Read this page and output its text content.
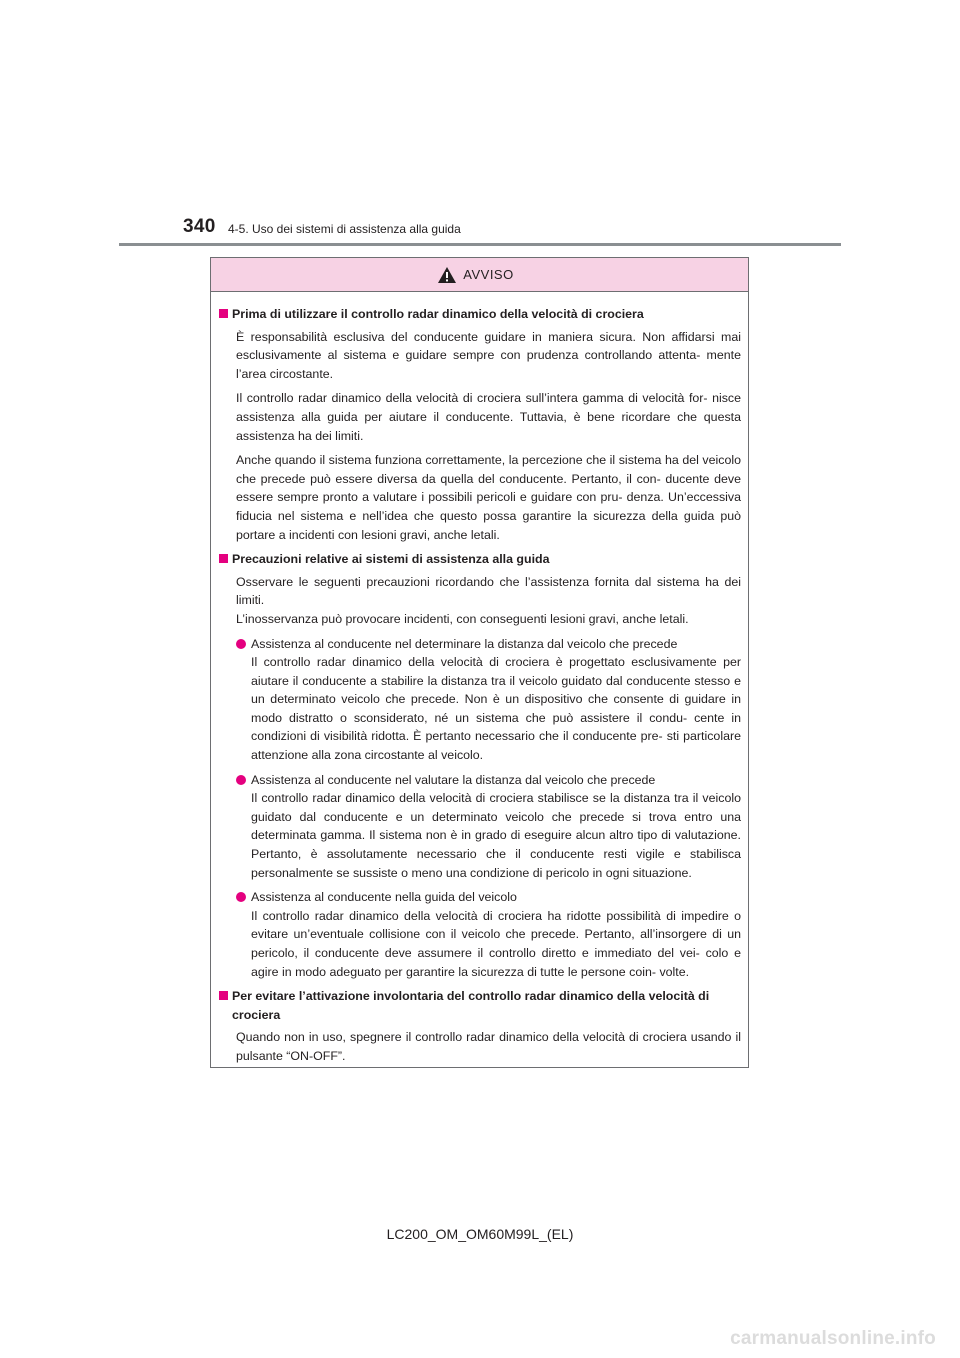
340 4-5. Uso dei sistemi di assistenza alla guida
AVVISO
Prima di utilizzare il controllo radar dinamico della velocità di crociera

È responsabilità esclusiva del conducente guidare in maniera sicura. Non affidarsi mai esclusivamente al sistema e guidare sempre con prudenza controllando attenta- mente l’area circostante.

Il controllo radar dinamico della velocità di crociera sull’intera gamma di velocità for- nisce assistenza alla guida per aiutare il conducente. Tuttavia, è bene ricordare che questa assistenza ha dei limiti.

Anche quando il sistema funziona correttamente, la percezione che il sistema ha del veicolo che precede può essere diversa da quella del conducente. Pertanto, il con- ducente deve essere sempre pronto a valutare i possibili pericoli e guidare con pru- denza. Un’eccessiva fiducia nel sistema e nell’idea che questo possa garantire la sicurezza della guida può portare a incidenti con lesioni gravi, anche letali.

Precauzioni relative ai sistemi di assistenza alla guida

Osservare le seguenti precauzioni ricordando che l’assistenza fornita dal sistema ha dei limiti.
L’inosservanza può provocare incidenti, con conseguenti lesioni gravi, anche letali.

Assistenza al conducente nel determinare la distanza dal veicolo che precede
Il controllo radar dinamico della velocità di crociera è progettato esclusivamente per aiutare il conducente a stabilire la distanza tra il veicolo guidato dal conducente stesso e un determinato veicolo che precede. Non è un dispositivo che consente di guidare in modo distratto o sconsiderato, né un sistema che può assistere il condu- cente in condizioni di visibilità ridotta. È pertanto necessario che il conducente pre- sti particolare attenzione alla zona circostante al veicolo.
Assistenza al conducente nel valutare la distanza dal veicolo che precede
Il controllo radar dinamico della velocità di crociera stabilisce se la distanza tra il veicolo guidato dal conducente e un determinato veicolo che precede si trova entro una determinata gamma. Il sistema non è in grado di eseguire alcun altro tipo di valutazione. Pertanto, è assolutamente necessario che il conducente resti vigile e stabilisca personalmente se sussiste o meno una condizione di pericolo in ogni situazione.
Assistenza al conducente nella guida del veicolo
Il controllo radar dinamico della velocità di crociera ha ridotte possibilità di impedire o evitare un’eventuale collisione con il veicolo che precede. Pertanto, all’insorgere di un pericolo, il conducente deve assumere il controllo diretto e immediato del vei- colo e agire in modo adeguato per garantire la sicurezza di tutte le persone coin- volte.
Per evitare l’attivazione involontaria del controllo radar dinamico della velocità di crociera

Quando non in uso, spegnere il controllo radar dinamico della velocità di crociera usando il pulsante “ON-OFF”.

LC200_OM_OM60M99L_(EL)
carmanualsonline.info
